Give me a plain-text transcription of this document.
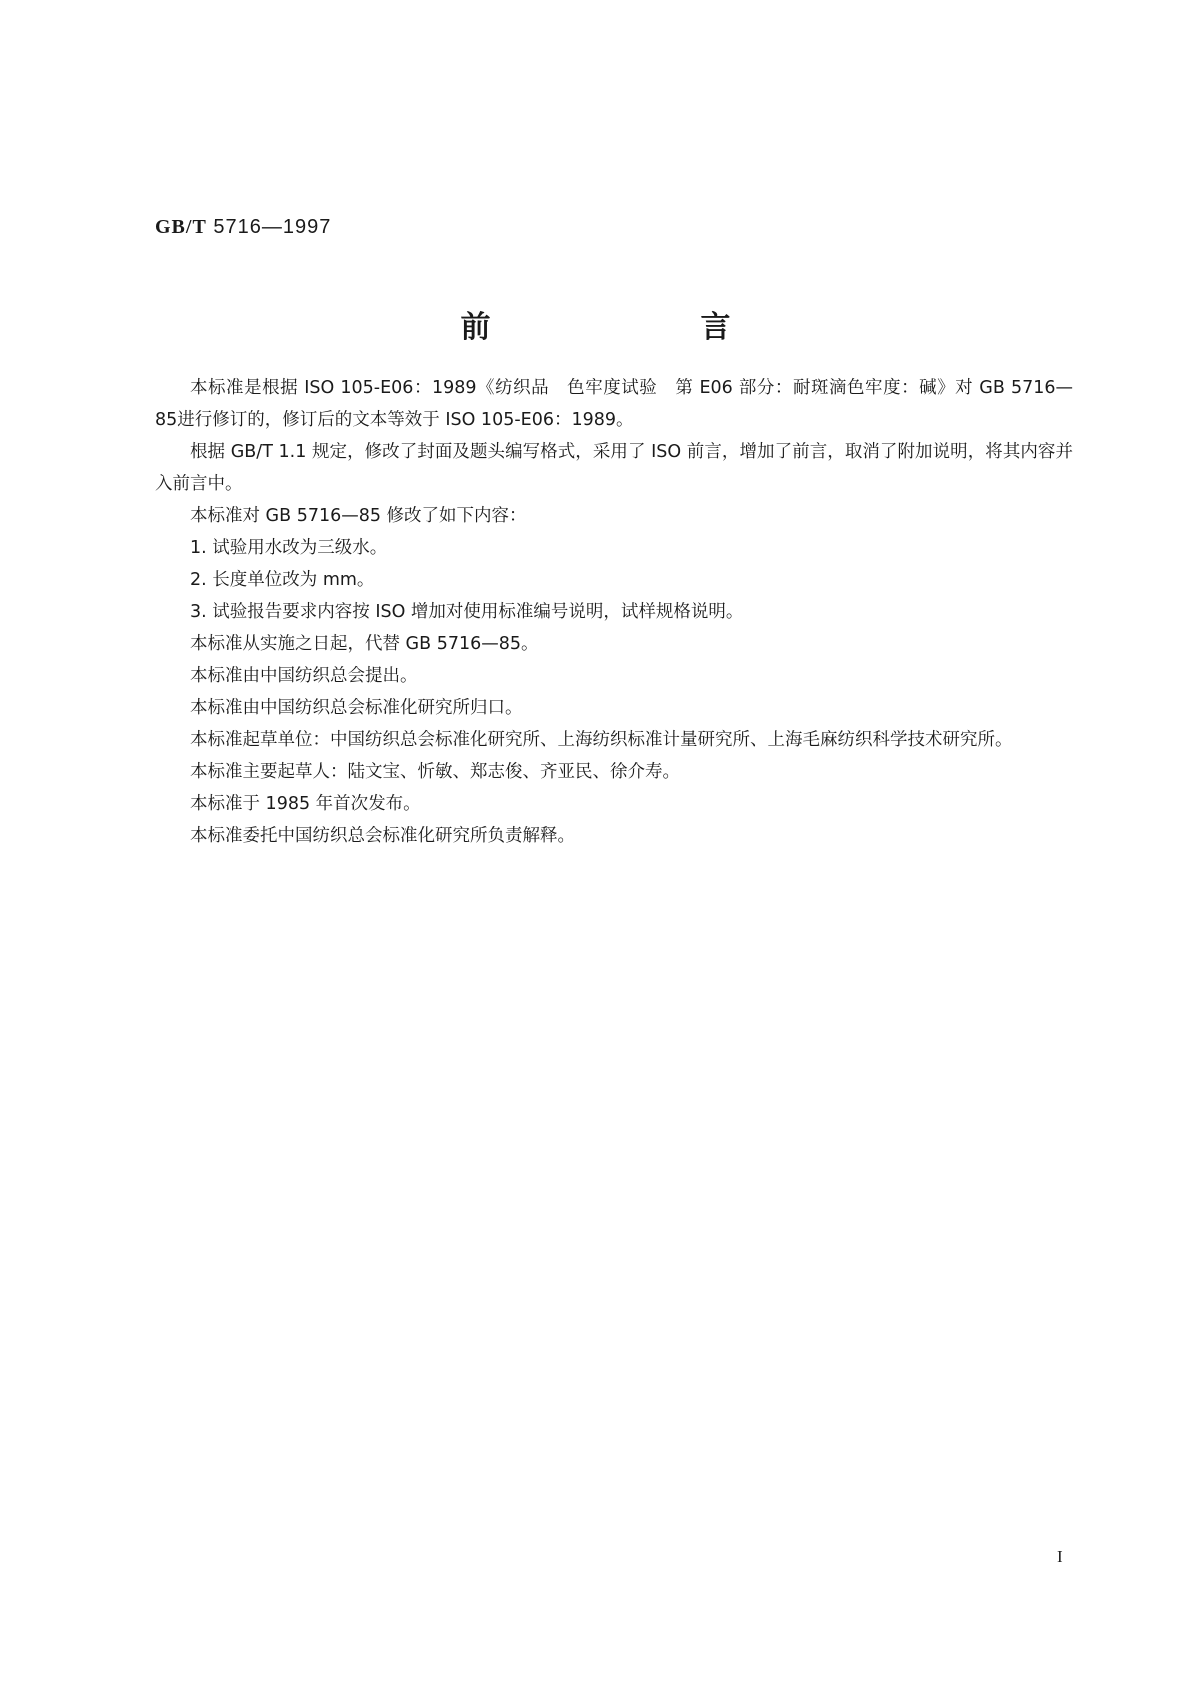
GB/T 5716—1997
前　言

本标准是根据 ISO 105-E06：1989《纺织品　色牢度试验　第 E06 部分：耐斑滴色牢度：碱》对 GB 5716—85进行修订的，修订后的文本等效于 ISO 105-E06：1989。

根据 GB/T 1.1 规定，修改了封面及题头编写格式，采用了 ISO 前言，增加了前言，取消了附加说明，将其内容并入前言中。

本标准对 GB 5716—85 修改了如下内容：

1. 试验用水改为三级水。

2. 长度单位改为 mm。

3. 试验报告要求内容按 ISO 增加对使用标准编号说明，试样规格说明。

本标准从实施之日起，代替 GB 5716—85。

本标准由中国纺织总会提出。

本标准由中国纺织总会标准化研究所归口。

本标准起草单位：中国纺织总会标准化研究所、上海纺织标准计量研究所、上海毛麻纺织科学技术研究所。

本标准主要起草人：陆文宝、忻敏、郑志俊、齐亚民、徐介寿。

本标准于 1985 年首次发布。

本标准委托中国纺织总会标准化研究所负责解释。

I
